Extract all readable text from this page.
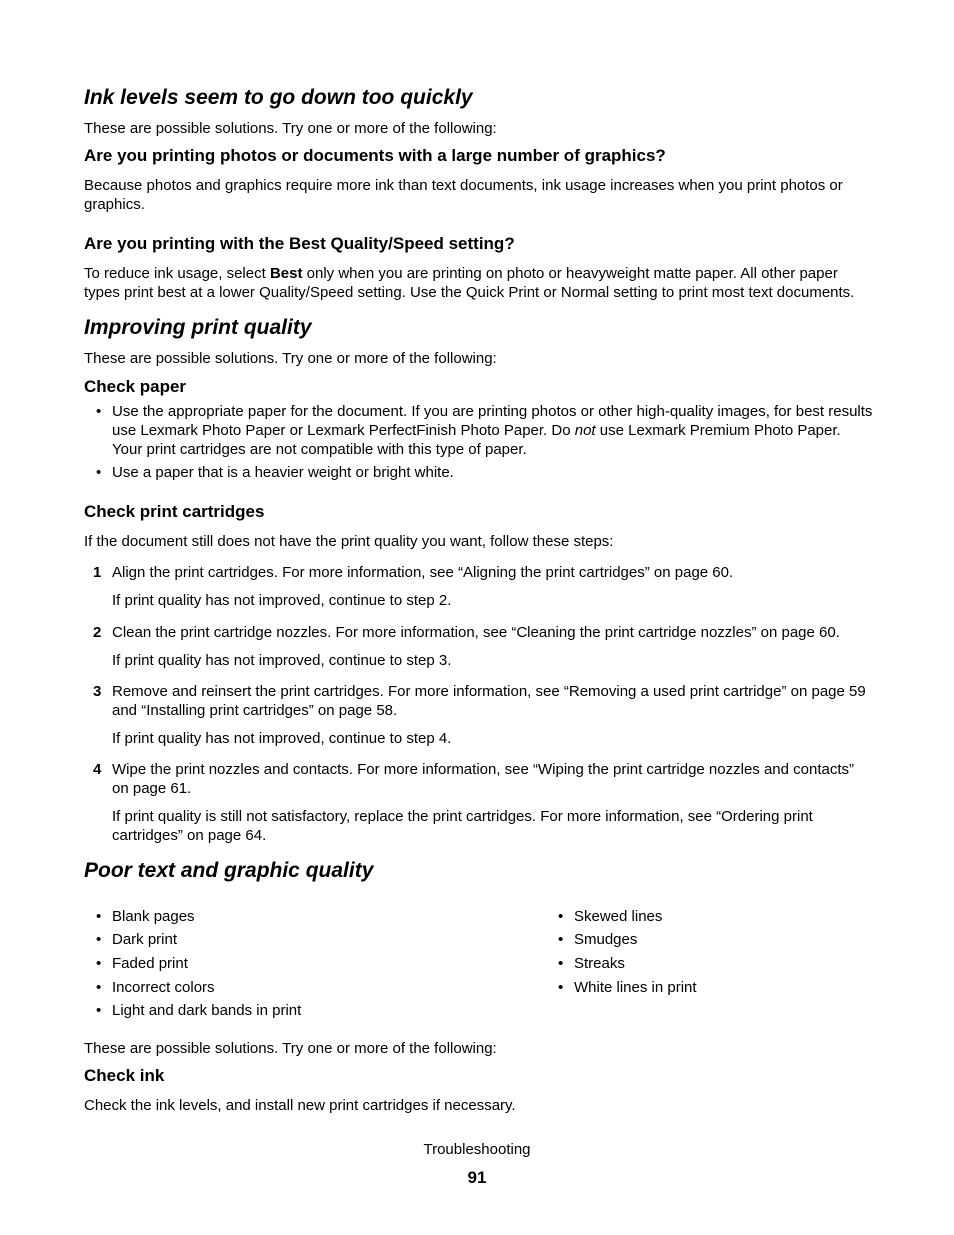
Ink levels seem to go down too quickly

These are possible solutions. Try one or more of the following:

Are you printing photos or documents with a large number of graphics?

Because photos and graphics require more ink than text documents, ink usage increases when you print photos or graphics.

Are you printing with the Best Quality/Speed setting?

To reduce ink usage, select Best only when you are printing on photo or heavyweight matte paper. All other paper types print best at a lower Quality/Speed setting. Use the Quick Print or Normal setting to print most text documents.

Improving print quality

These are possible solutions. Try one or more of the following:

Check paper
• Use the appropriate paper for the document. If you are printing photos or other high-quality images, for best results use Lexmark Photo Paper or Lexmark PerfectFinish Photo Paper. Do not use Lexmark Premium Photo Paper. Your print cartridges are not compatible with this type of paper.
• Use a paper that is a heavier weight or bright white.
Check print cartridges

If the document still does not have the print quality you want, follow these steps:

1 Align the print cartridges. For more information, see “Aligning the print cartridges” on page 60.
If print quality has not improved, continue to step 2.
2 Clean the print cartridge nozzles. For more information, see “Cleaning the print cartridge nozzles” on page 60.
If print quality has not improved, continue to step 3.
3 Remove and reinsert the print cartridges. For more information, see “Removing a used print cartridge” on page 59 and “Installing print cartridges” on page 58.
If print quality has not improved, continue to step 4.
4 Wipe the print nozzles and contacts. For more information, see “Wiping the print cartridge nozzles and contacts” on page 61.
If print quality is still not satisfactory, replace the print cartridges. For more information, see “Ordering print cartridges” on page 64.
Poor text and graphic quality
• Blank pages
• Dark print
• Faded print
• Incorrect colors
• Light and dark bands in print
• Skewed lines
• Smudges
• Streaks
• White lines in print

These are possible solutions. Try one or more of the following:

Check ink

Check the ink levels, and install new print cartridges if necessary.

Troubleshooting
91
